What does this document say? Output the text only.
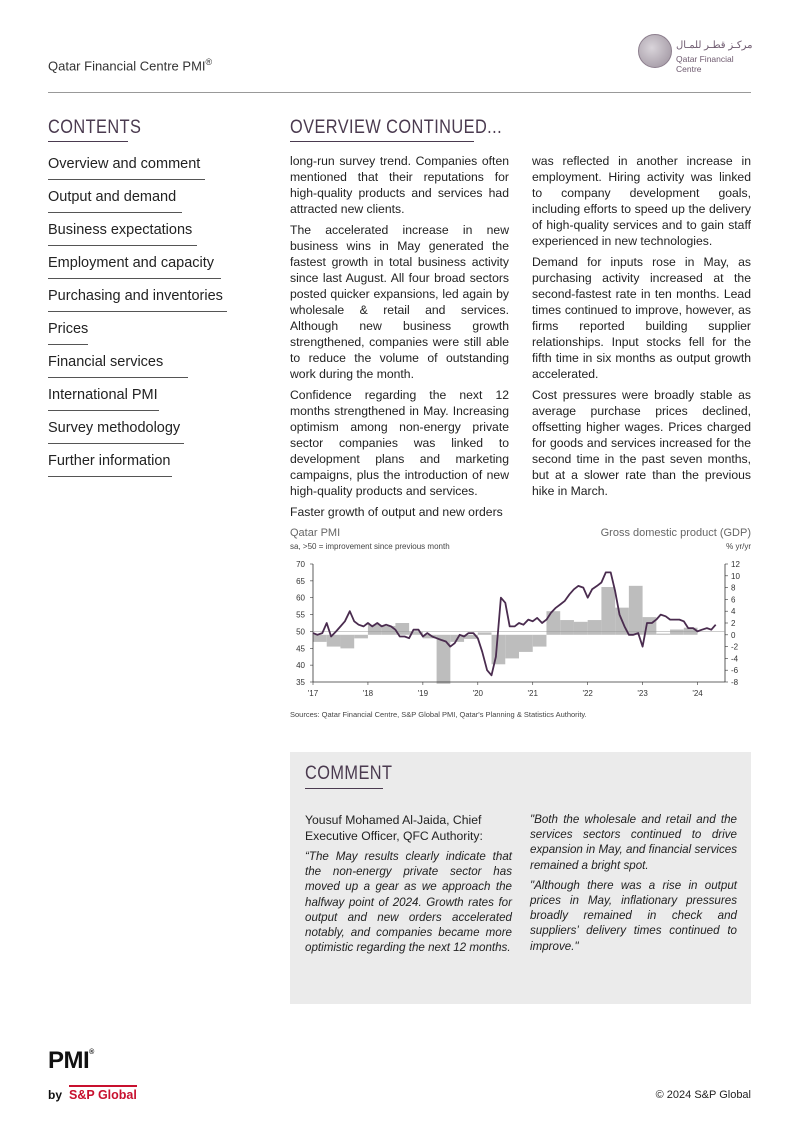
Qatar Financial Centre PMI®
مركـز قطـر للمـال
Qatar Financial Centre
CONTENTS
Overview and comment
Output and demand
Business expectations
Employment and capacity
Purchasing and inventories
Prices
Financial services
International PMI
Survey methodology
Further information
OVERVIEW CONTINUED...

long-run survey trend. Companies often mentioned that their reputations for high-quality products and services had attracted new clients.

The accelerated increase in new business wins in May generated the fastest growth in total business activity since last August. All four broad sectors posted quicker expansions, led again by wholesale & retail and services. Although new business growth strengthened, companies were still able to reduce the volume of outstanding work during the month.

Confidence regarding the next 12 months strengthened in May. Increasing optimism among non-energy private sector companies was linked to development plans and marketing campaigns, plus the introduction of new high-quality products and services.

Faster growth of output and new orders

was reflected in another increase in employment. Hiring activity was linked to company development goals, including efforts to speed up the delivery of high-quality services and to gain staff experienced in new technologies.

Demand for inputs rose in May, as purchasing activity increased at the second-fastest rate in ten months. Lead times continued to improve, however, as firms reported building supplier relationships. Input stocks fell for the fifth time in six months as output growth accelerated.

Cost pressures were broadly stable as average purchase prices declined, offsetting higher wages. Prices charged for goods and services increased for the second time in the past seven months, but at a slower rate than the previous hike in March.

Qatar PMI
sa, >50 = improvement since previous month
Gross domestic product (GDP)
% yr/yr
35
40
45
50
55
60
65
70
-8
-6
-4
-2
0
2
4
6
8
10
12
'17	'18	'19	'20	'21	'22	'23	'24
Sources: Qatar Financial Centre, S&P Global PMI, Qatar's Planning & Statistics Authority.
COMMENT
Yousuf Mohamed Al-Jaida, Chief Executive Officer, QFC Authority:

“The May results clearly indicate that the non-energy private sector has moved up a gear as we approach the halfway point of 2024. Growth rates for output and new orders accelerated notably, and companies became more optimistic regarding the next 12 months.

"Both the wholesale and retail and the services sectors continued to drive expansion in May, and financial services remained a bright spot.

"Although there was a rise in output prices in May, inflationary pressures broadly remained in check and suppliers’ delivery times continued to improve."

PMI®
by S&P Global	© 2024 S&P Global
